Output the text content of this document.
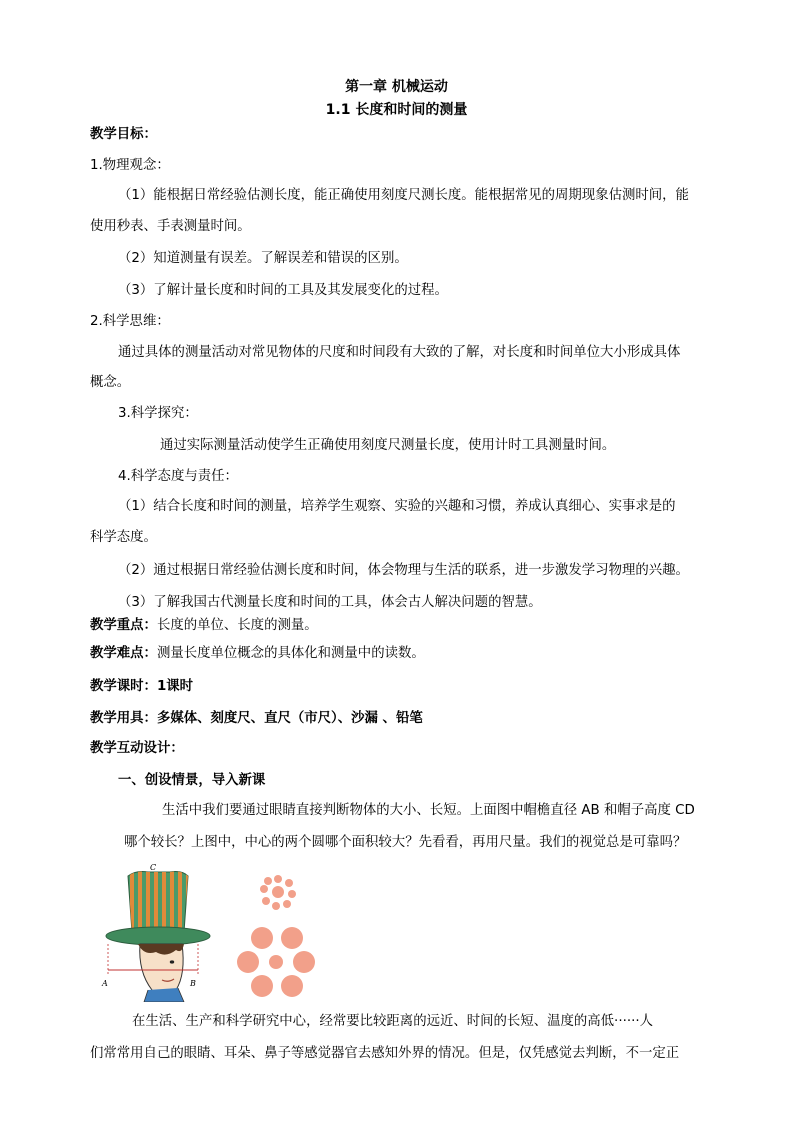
第一章 机械运动
1.1 长度和时间的测量
教学目标：
1.物理观念：
（1）能根据日常经验估测长度，能正确使用刻度尺测长度。能根据常见的周期现象估测时间，能
使用秒表、手表测量时间。
（2）知道测量有误差。了解误差和错误的区别。
（3）了解计量长度和时间的工具及其发展变化的过程。
2.科学思维：
通过具体的测量活动对常见物体的尺度和时间段有大致的了解，对长度和时间单位大小形成具体
概念。
3.科学探究：
通过实际测量活动使学生正确使用刻度尺测量长度，使用计时工具测量时间。
4.科学态度与责任：
（1）结合长度和时间的测量，培养学生观察、实验的兴趣和习惯，养成认真细心、实事求是的
科学态度。
（2）通过根据日常经验估测长度和时间，体会物理与生活的联系，进一步激发学习物理的兴趣。
（3）了解我国古代测量长度和时间的工具，体会古人解决问题的智慧。
教学重点：长度的单位、长度的测量。
教学难点：测量长度单位概念的具体化和测量中的读数。
教学课时：1课时
教学用具：多媒体、刻度尺、直尺（市尺）、沙漏 、铅笔
教学互动设计：
一、创设情景，导入新课
生活中我们要通过眼睛直接判断物体的大小、长短。上面图中帽檐直径 AB 和帽子高度 CD
哪个较长？上图中，中心的两个圆哪个面积较大？先看看，再用尺量。我们的视觉总是可靠吗？
A	B
C
在生活、生产和科学研究中心，经常要比较距离的远近、时间的长短、温度的高低······人
们常常用自己的眼睛、耳朵、鼻子等感觉器官去感知外界的情况。但是，仅凭感觉去判断，不一定正
